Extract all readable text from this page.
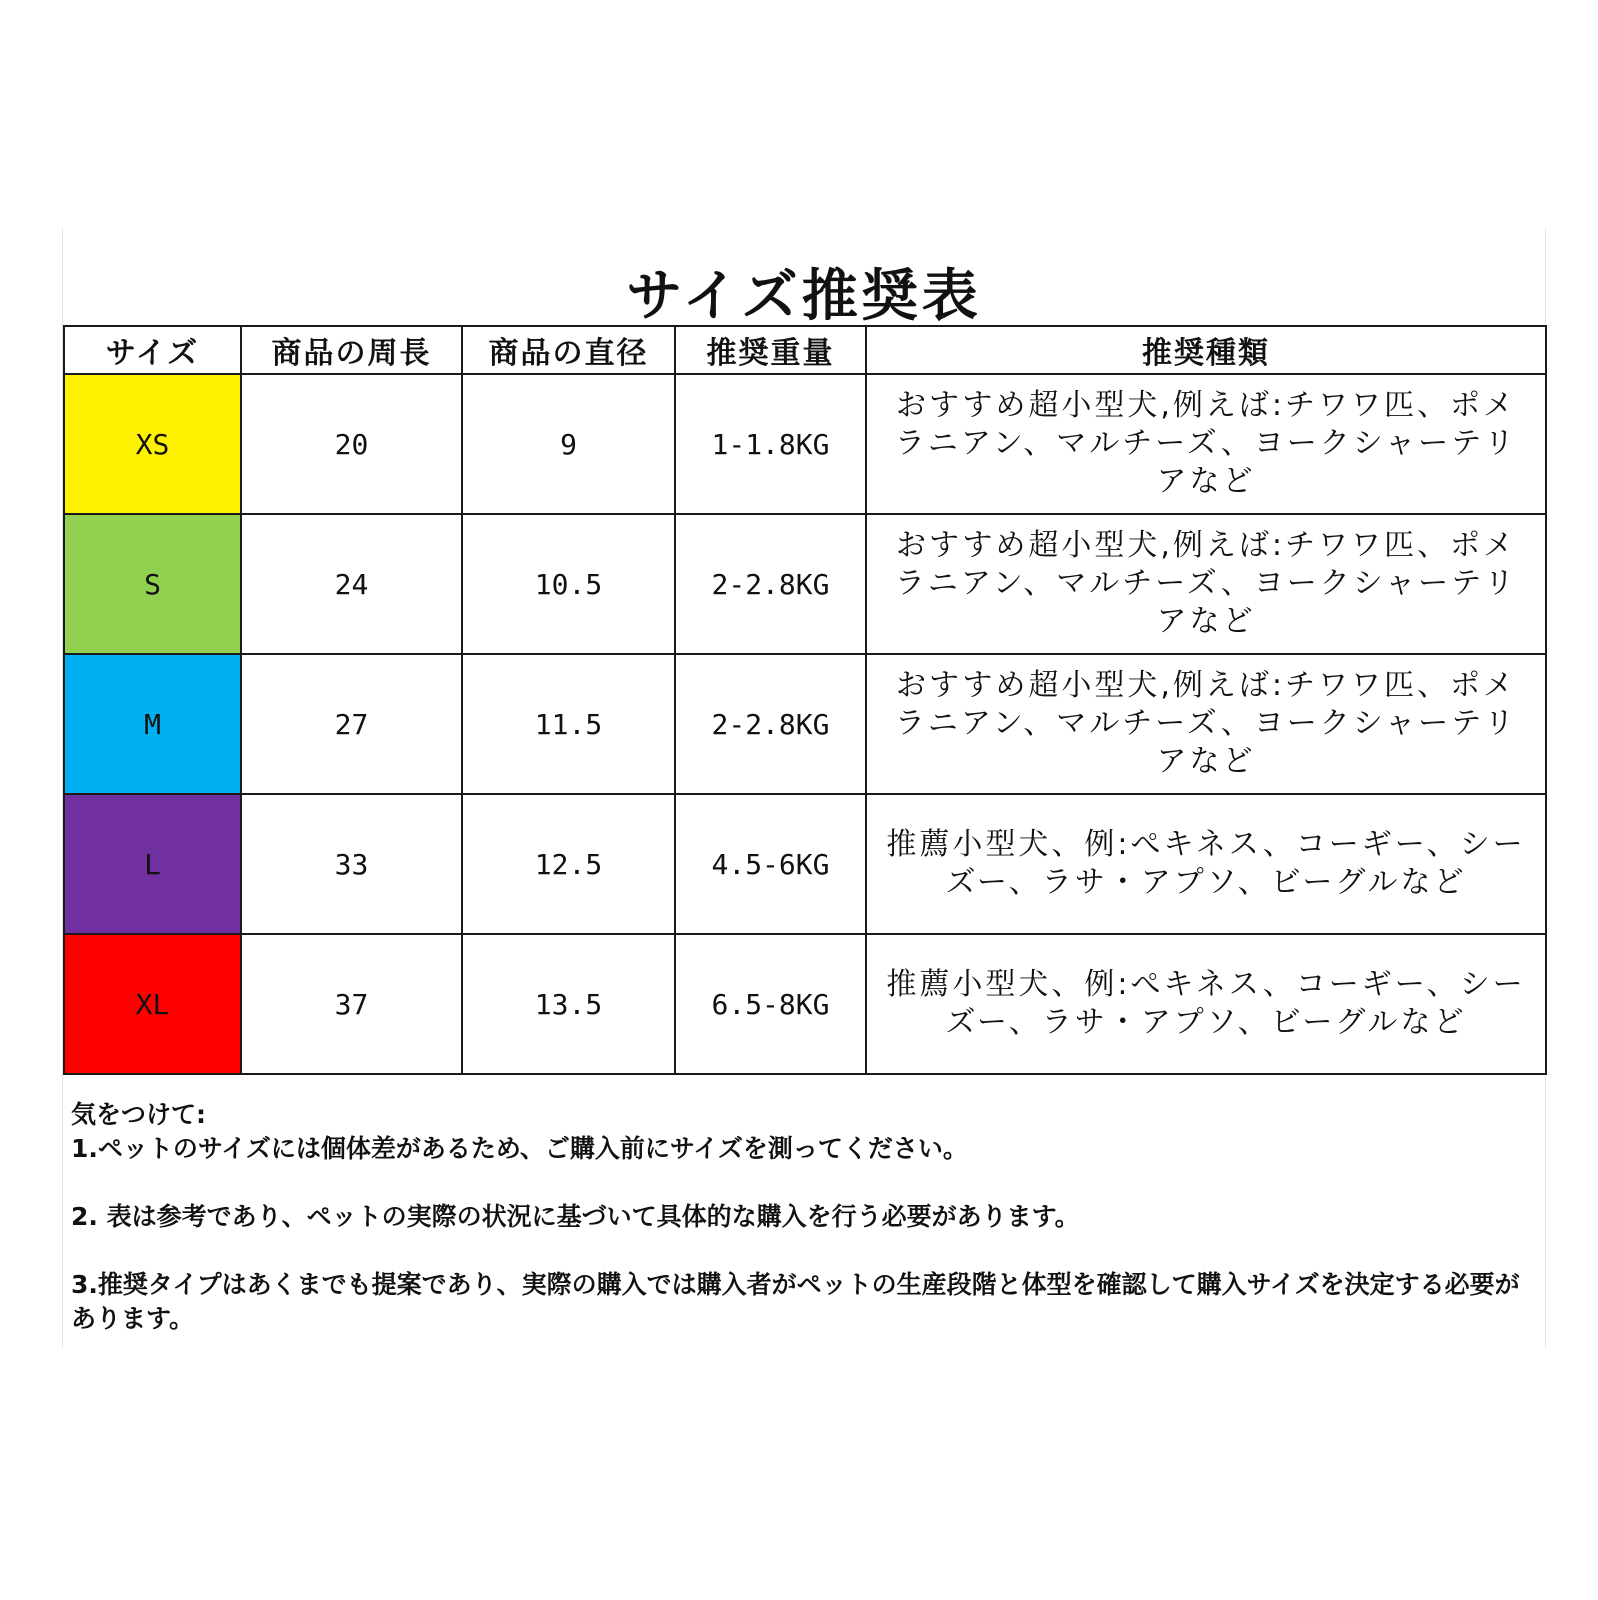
サイズ推奨表
サイズ	商品の周長	商品の直径	推奨重量	推奨種類
XS	20	9	1-1.8KG	おすすめ超小型犬,例えば:チワワ匹、ポメラニアン、マルチーズ、ヨークシャーテリアなど
S	24	10.5	2-2.8KG	おすすめ超小型犬,例えば:チワワ匹、ポメラニアン、マルチーズ、ヨークシャーテリアなど
M	27	11.5	2-2.8KG	おすすめ超小型犬,例えば:チワワ匹、ポメラニアン、マルチーズ、ヨークシャーテリアなど
L	33	12.5	4.5-6KG	推薦小型犬、例:ぺキネス、コーギー、シーズー、ラサ・アプソ、ビーグルなど
XL	37	13.5	6.5-8KG	推薦小型犬、例:ぺキネス、コーギー、シーズー、ラサ・アプソ、ビーグルなど
気をつけて:
1.ペットのサイズには個体差があるため、ご購入前にサイズを測ってください。
2. 表は参考であり、ペットの実際の状況に基づいて具体的な購入を行う必要があります。
3.推奨タイプはあくまでも提案であり、実際の購入では購入者がペットの生産段階と体型を確認して購入サイズを決定する必要があります。
